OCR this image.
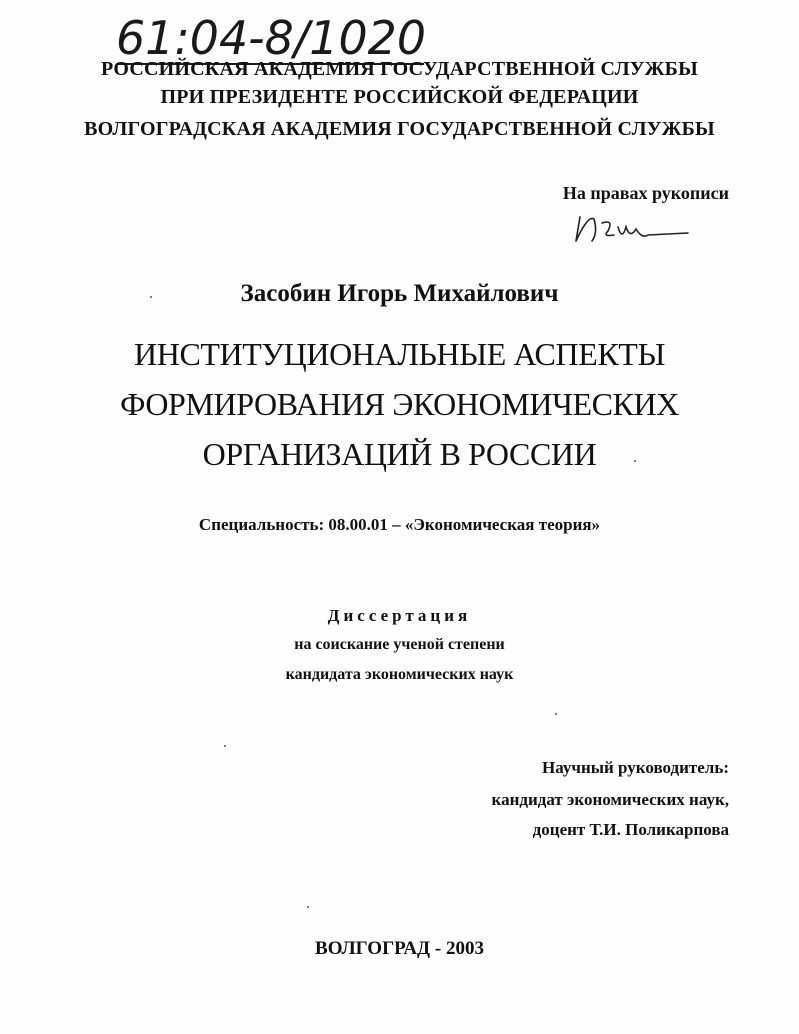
61:04-8/1020
РОССИЙСКАЯ АКАДЕМИЯ ГОСУДАРСТВЕННОЙ СЛУЖБЫ
ПРИ ПРЕЗИДЕНТЕ РОССИЙСКОЙ ФЕДЕРАЦИИ
ВОЛГОГРАДСКАЯ АКАДЕМИЯ ГОСУДАРСТВЕННОЙ СЛУЖБЫ
На правах рукописи
Засобин Игорь Михайлович
ИНСТИТУЦИОНАЛЬНЫЕ АСПЕКТЫ
ФОРМИРОВАНИЯ ЭКОНОМИЧЕСКИХ
ОРГАНИЗАЦИЙ В РОССИИ
Специальность: 08.00.01 – «Экономическая теория»
Диссертация
на соискание ученой степени
кандидата экономических наук
Научный руководитель:
кандидат экономических наук,
доцент Т.И. Поликарпова
ВОЛГОГРАД - 2003
